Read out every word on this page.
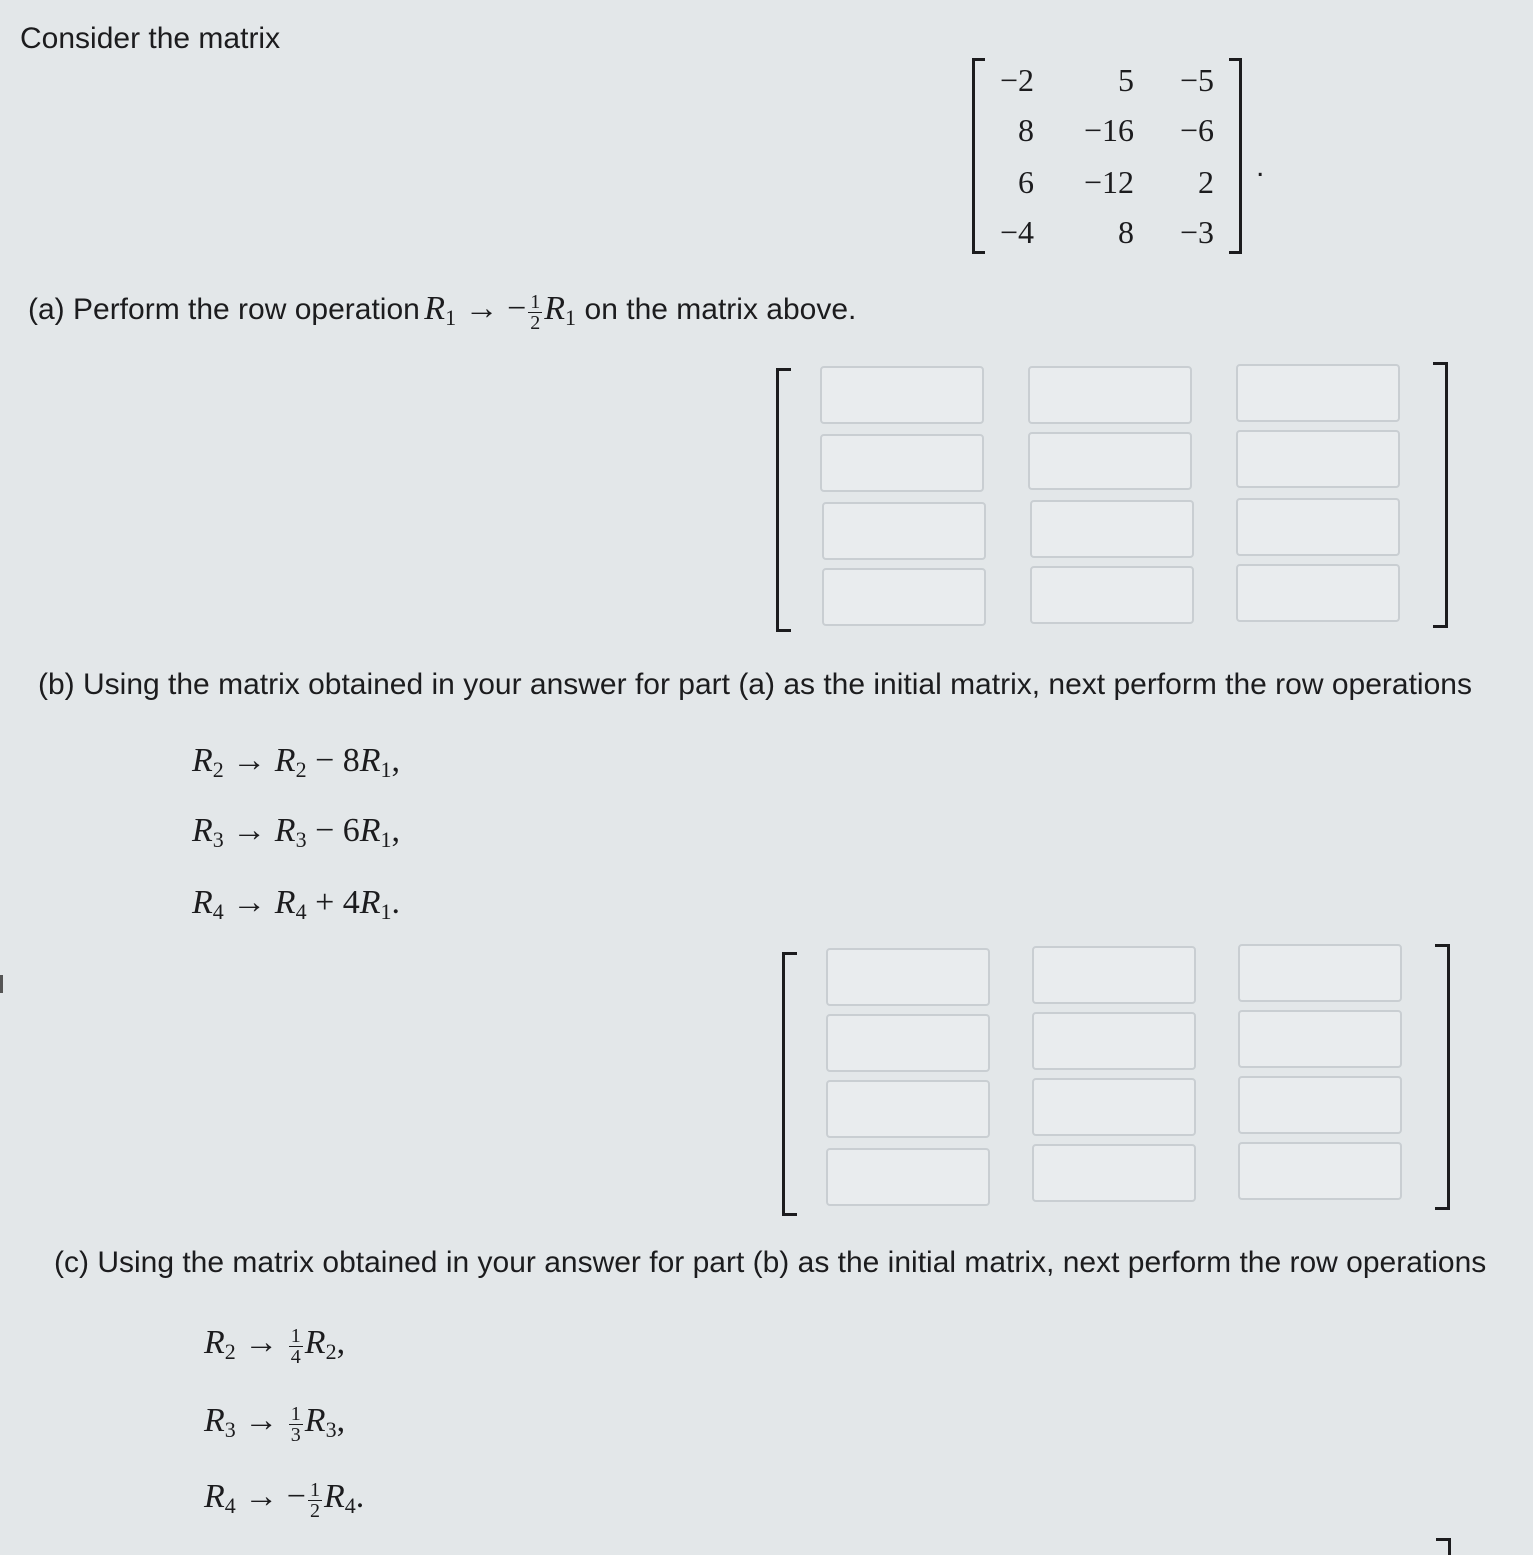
Consider the matrix
−2	5	−5
8	−16	−6
6	−12	2
−4	8	−3
.
(a) Perform the row operation $R_1$ → − $\frac{1}{2} R_1$ on the matrix above.
(b) Using the matrix obtained in your answer for part (a) as the initial matrix, next perform the row operations
$R_2 \to R_2 - 8R_1$,
$R_3 \to R_3 - 6R_1$,
$R_4 \to R_4 + 4R_1$.
(c) Using the matrix obtained in your answer for part (b) as the initial matrix, next perform the row operations
$R_2 \to \frac{1}{4} R_2$,
$R_3 \to \frac{1}{3} R_3$,
$R_4$ → − $\frac{1}{2} R_4$.
